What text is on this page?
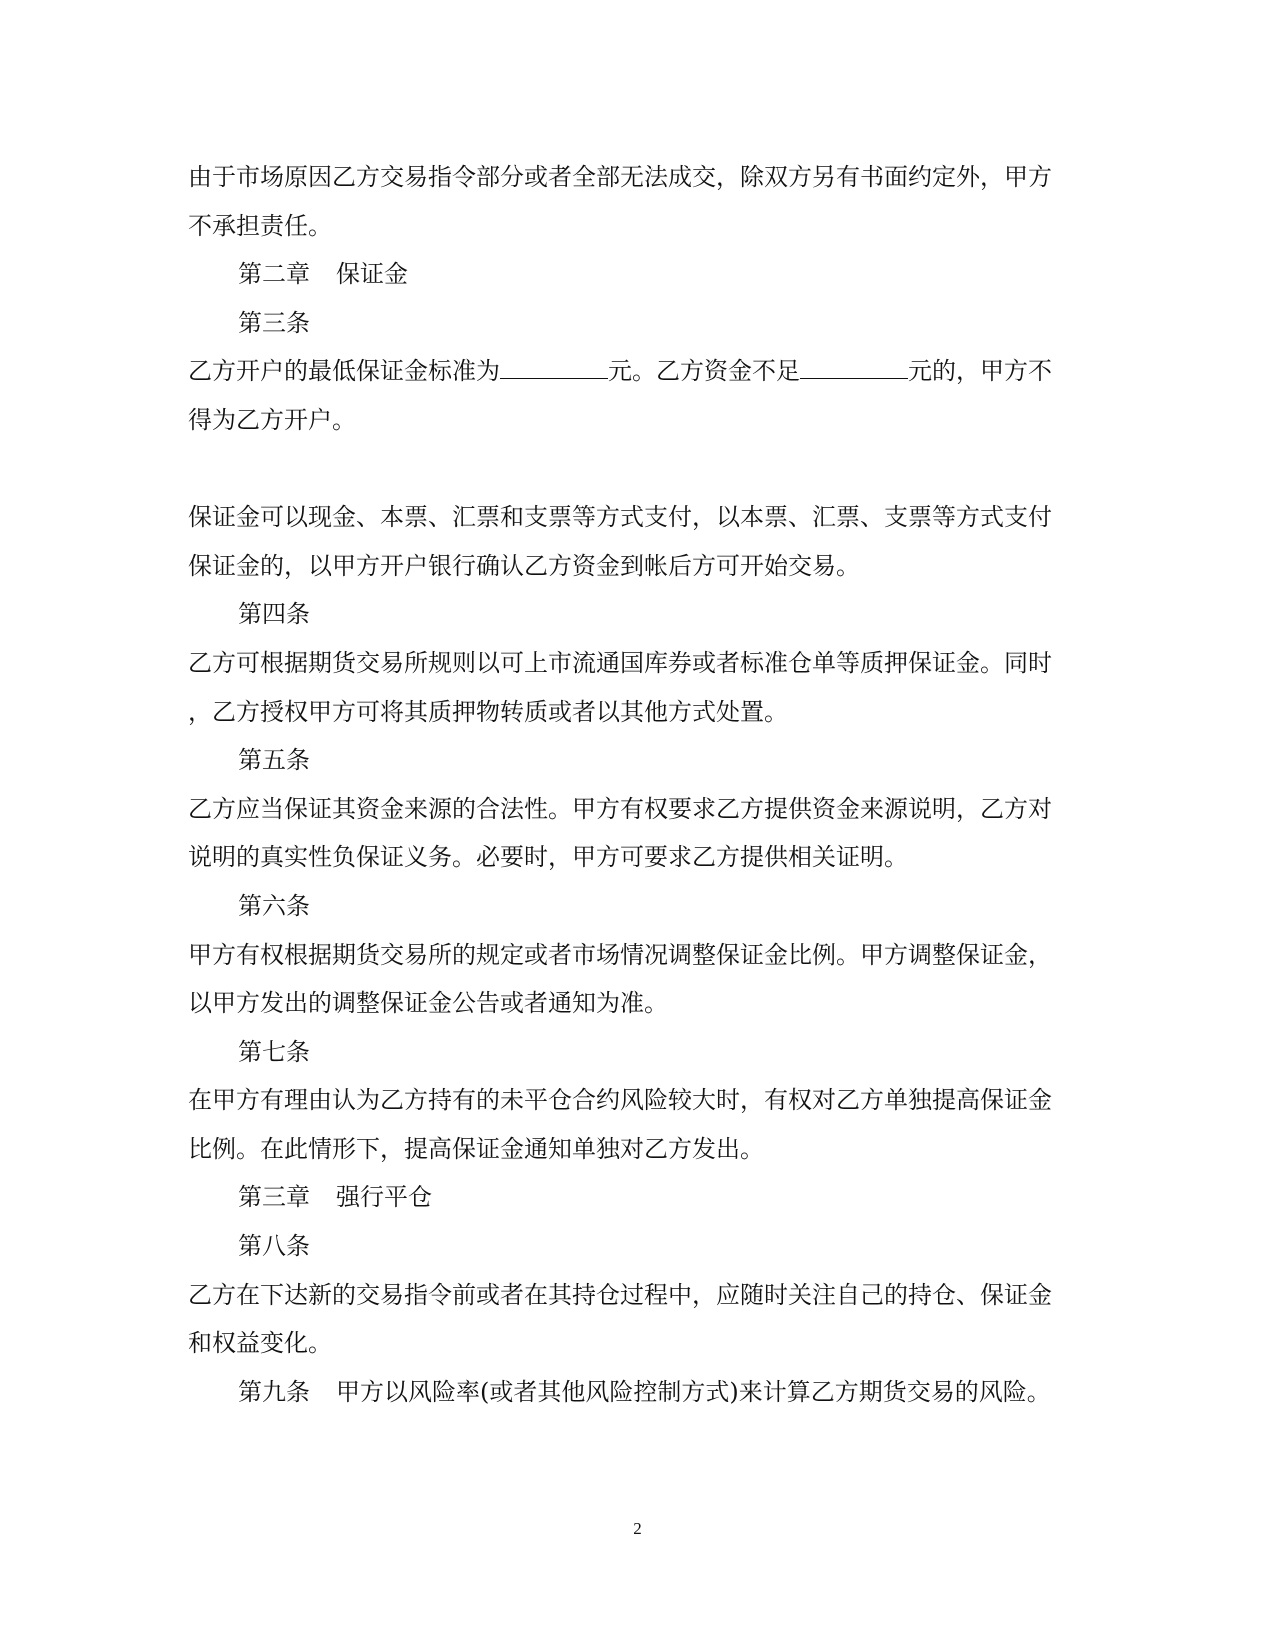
由于市场原因乙方交易指令部分或者全部无法成交，除双方另有书面约定外，甲方
不承担责任。
第二章 保证金
第三条
乙方开户的最低保证金标准为	元。乙方资金不足	元的，甲方不
得为乙方开户。
保证金可以现金、本票、汇票和支票等方式支付，以本票、汇票、支票等方式支付
保证金的，以甲方开户银行确认乙方资金到帐后方可开始交易。
第四条
乙方可根据期货交易所规则以可上市流通国库券或者标准仓单等质押保证金。同时
，乙方授权甲方可将其质押物转质或者以其他方式处置。
第五条
乙方应当保证其资金来源的合法性。甲方有权要求乙方提供资金来源说明，乙方对
说明的真实性负保证义务。必要时，甲方可要求乙方提供相关证明。
第六条
甲方有权根据期货交易所的规定或者市场情况调整保证金比例。甲方调整保证金，
以甲方发出的调整保证金公告或者通知为准。
第七条
在甲方有理由认为乙方持有的未平仓合约风险较大时，有权对乙方单独提高保证金
比例。在此情形下，提高保证金通知单独对乙方发出。
第三章 强行平仓
第八条
乙方在下达新的交易指令前或者在其持仓过程中，应随时关注自己的持仓、保证金
和权益变化。
第九条 甲方以风险率(或者其他风险控制方式)来计算乙方期货交易的风险。
2
